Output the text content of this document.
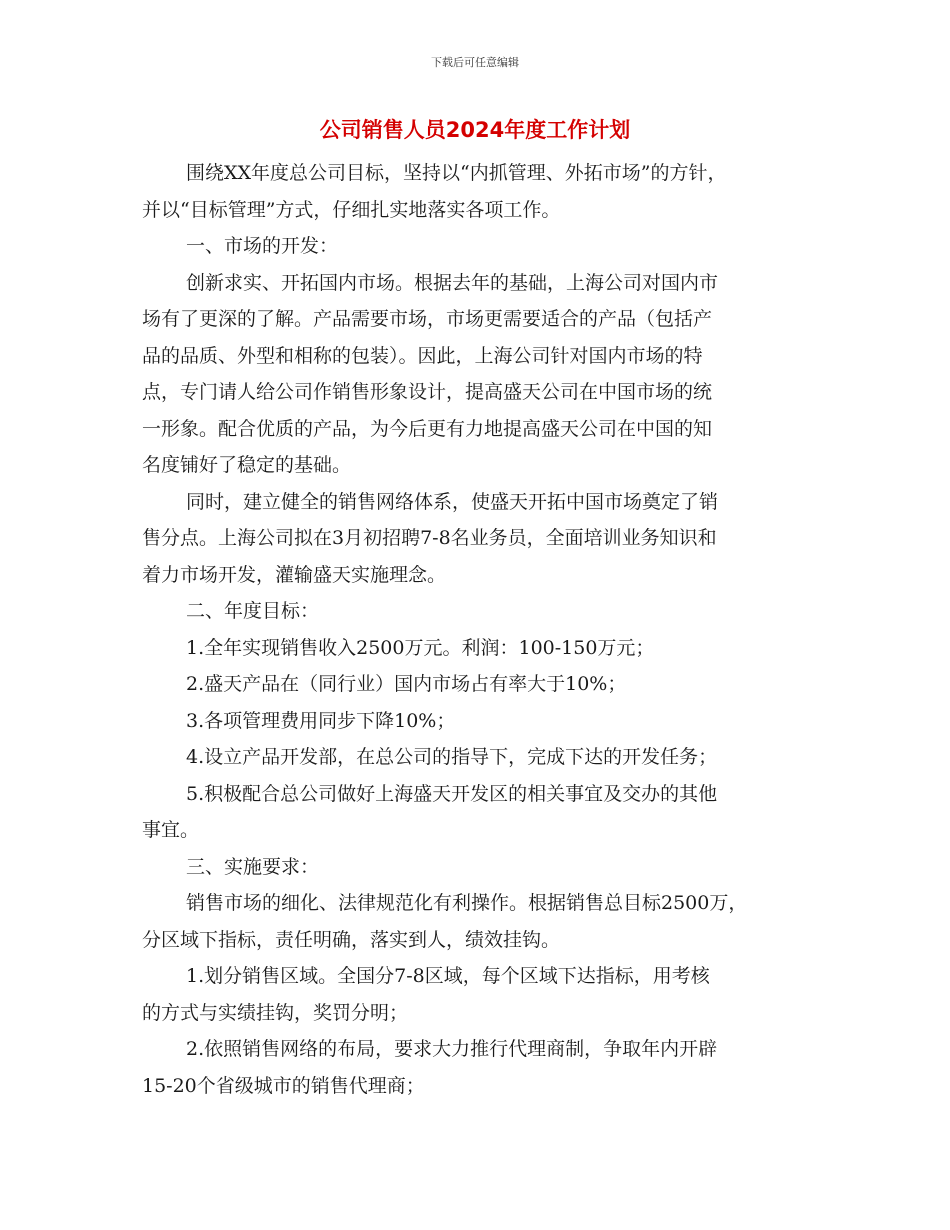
下载后可任意编辑
公司销售人员2024年度工作计划
围绕XX年度总公司目标，坚持以“内抓管理、外拓市场”的方针，
并以“目标管理”方式，仔细扎实地落实各项工作。
一、市场的开发：
创新求实、开拓国内市场。根据去年的基础，上海公司对国内市
场有了更深的了解。产品需要市场，市场更需要适合的产品（包括产
品的品质、外型和相称的包装）。因此，上海公司针对国内市场的特
点，专门请人给公司作销售形象设计，提高盛天公司在中国市场的统
一形象。配合优质的产品，为今后更有力地提高盛天公司在中国的知
名度铺好了稳定的基础。
同时，建立健全的销售网络体系，使盛天开拓中国市场奠定了销
售分点。上海公司拟在3月初招聘7-8名业务员，全面培训业务知识和
着力市场开发，灌输盛天实施理念。
二、年度目标：
1.全年实现销售收入2500万元。利润：100-150万元；
2.盛天产品在（同行业）国内市场占有率大于10%；
3.各项管理费用同步下降10%；
4.设立产品开发部，在总公司的指导下，完成下达的开发任务；
5.积极配合总公司做好上海盛天开发区的相关事宜及交办的其他
事宜。
三、实施要求：
销售市场的细化、法律规范化有利操作。根据销售总目标2500万，
分区域下指标，责任明确，落实到人，绩效挂钩。
1.划分销售区域。全国分7-8区域，每个区域下达指标，用考核
的方式与实绩挂钩，奖罚分明；
2.依照销售网络的布局，要求大力推行代理商制，争取年内开辟
15-20个省级城市的销售代理商；
